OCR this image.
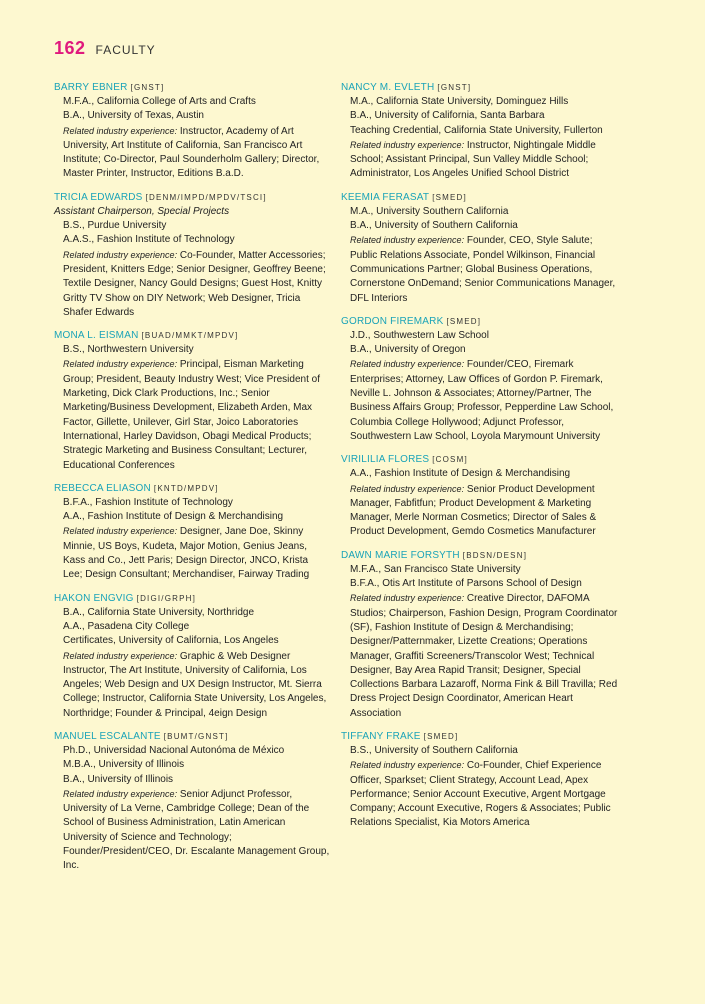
162 FACULTY
BARRY EBNER [GNST]
M.F.A., California College of Arts and Crafts
B.A., University of Texas, Austin
Related industry experience: Instructor, Academy of Art University, Art Institute of California, San Francisco Art Institute; Co-Director, Paul Sounderholm Gallery; Director, Master Printer, Instructor, Editions B.a.D.
TRICIA EDWARDS [DENM/IMPD/MPDV/TSCI]
Assistant Chairperson, Special Projects
B.S., Purdue University
A.A.S., Fashion Institute of Technology
Related industry experience: Co-Founder, Matter Accessories; President, Knitters Edge; Senior Designer, Geoffrey Beene; Textile Designer, Nancy Gould Designs; Guest Host, Knitty Gritty TV Show on DIY Network; Web Designer, Tricia Shafer Edwards
MONA L. EISMAN [BUAD/MMKT/MPDV]
B.S., Northwestern University
Related industry experience: Principal, Eisman Marketing Group; President, Beauty Industry West; Vice President of Marketing, Dick Clark Productions, Inc.; Senior Marketing/Business Development, Elizabeth Arden, Max Factor, Gillette, Unilever, Girl Star, Joico Laboratories International, Harley Davidson, Obagi Medical Products; Strategic Marketing and Business Consultant; Lecturer, Educational Conferences
REBECCA ELIASON [KNTD/MPDV]
B.F.A., Fashion Institute of Technology
A.A., Fashion Institute of Design & Merchandising
Related industry experience: Designer, Jane Doe, Skinny Minnie, US Boys, Kudeta, Major Motion, Genius Jeans, Kass and Co., Jett Paris; Design Director, JNCO, Krista Lee; Design Consultant; Merchandiser, Fairway Trading
HAKON ENGVIG [DIGI/GRPH]
B.A., California State University, Northridge
A.A., Pasadena City College
Certificates, University of California, Los Angeles
Related industry experience: Graphic & Web Designer Instructor, The Art Institute, University of California, Los Angeles; Web Design and UX Design Instructor, Mt. Sierra College; Instructor, California State University, Los Angeles, Northridge; Founder & Principal, 4eign Design
MANUEL ESCALANTE [BUMT/GNST]
Ph.D., Universidad Nacional Autonóma de México
M.B.A., University of Illinois
B.A., University of Illinois
Related industry experience: Senior Adjunct Professor, University of La Verne, Cambridge College; Dean of the School of Business Administration, Latin American University of Science and Technology; Founder/President/CEO, Dr. Escalante Management Group, Inc.
NANCY M. EVLETH [GNST]
M.A., California State University, Dominguez Hills
B.A., University of California, Santa Barbara
Teaching Credential, California State University, Fullerton
Related industry experience: Instructor, Nightingale Middle School; Assistant Principal, Sun Valley Middle School; Administrator, Los Angeles Unified School District
KEEMIA FERASAT [SMED]
M.A., University Southern California
B.A., University of Southern California
Related industry experience: Founder, CEO, Style Salute; Public Relations Associate, Pondel Wilkinson, Financial Communications Partner; Global Business Operations, Cornerstone OnDemand; Senior Communications Manager, DFL Interiors
GORDON FIREMARK [SMED]
J.D., Southwestern Law School
B.A., University of Oregon
Related industry experience: Founder/CEO, Firemark Enterprises; Attorney, Law Offices of Gordon P. Firemark, Neville L. Johnson & Associates; Attorney/Partner, The Business Affairs Group; Professor, Pepperdine Law School, Columbia College Hollywood; Adjunct Professor, Southwestern Law School, Loyola Marymount University
VIRILILIA FLORES [COSM]
A.A., Fashion Institute of Design & Merchandising
Related industry experience: Senior Product Development Manager, Fabfitfun; Product Development & Marketing Manager, Merle Norman Cosmetics; Director of Sales & Product Development, Gemdo Cosmetics Manufacturer
DAWN MARIE FORSYTH [BDSN/DESN]
M.F.A., San Francisco State University
B.F.A., Otis Art Institute of Parsons School of Design
Related industry experience: Creative Director, DAFOMA Studios; Chairperson, Fashion Design, Program Coordinator (SF), Fashion Institute of Design & Merchandising; Designer/Patternmaker, Lizette Creations; Operations Manager, Graffiti Screeners/Transcolor West; Technical Designer, Bay Area Rapid Transit; Designer, Special Collections Barbara Lazaroff, Norma Fink & Bill Travilla; Red Dress Project Design Coordinator, American Heart Association
TIFFANY FRAKE [SMED]
B.S., University of Southern California
Related industry experience: Co-Founder, Chief Experience Officer, Sparkset; Client Strategy, Account Lead, Apex Performance; Senior Account Executive, Argent Mortgage Company; Account Executive, Rogers & Associates; Public Relations Specialist, Kia Motors America
